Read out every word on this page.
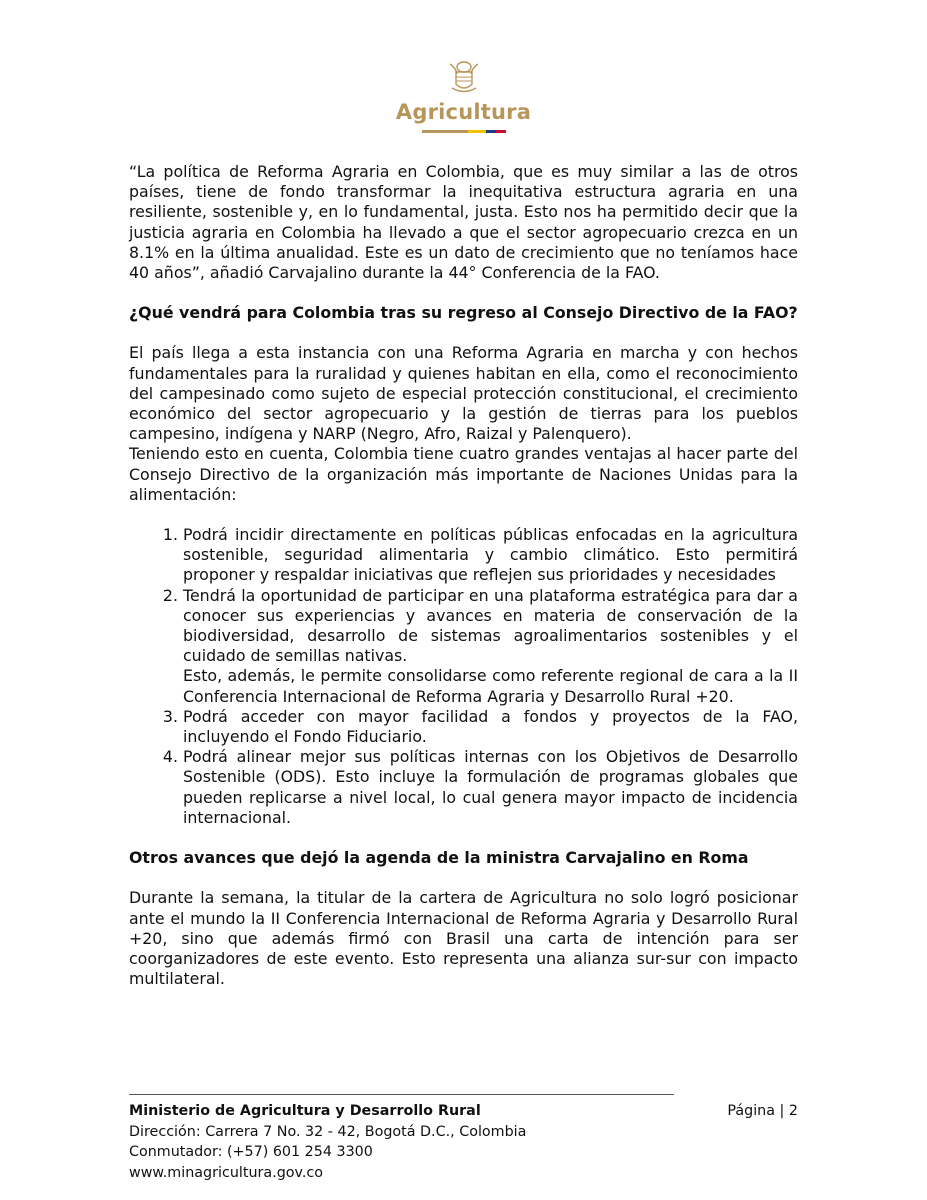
Agricultura

“La política de Reforma Agraria en Colombia, que es muy similar a las de otros países, tiene de fondo transformar la inequitativa estructura agraria en una resiliente, sostenible y, en lo fundamental, justa. Esto nos ha permitido decir que la justicia agraria en Colombia ha llevado a que el sector agropecuario crezca en un 8.1% en la última anualidad. Este es un dato de crecimiento que no teníamos hace 40 años”, añadió Carvajalino durante la 44° Conferencia de la FAO.

¿Qué vendrá para Colombia tras su regreso al Consejo Directivo de la FAO?

El país llega a esta instancia con una Reforma Agraria en marcha y con hechos fundamentales para la ruralidad y quienes habitan en ella, como el reconocimiento del campesinado como sujeto de especial protección constitucional, el crecimiento económico del sector agropecuario y la gestión de tierras para los pueblos campesino, indígena y NARP (Negro, Afro, Raizal y Palenquero).

Teniendo esto en cuenta, Colombia tiene cuatro grandes ventajas al hacer parte del Consejo Directivo de la organización más importante de Naciones Unidas para la alimentación:

1. Podrá incidir directamente en políticas públicas enfocadas en la agricultura sostenible, seguridad alimentaria y cambio climático. Esto permitirá proponer y respaldar iniciativas que reflejen sus prioridades y necesidades
2. Tendrá la oportunidad de participar en una plataforma estratégica para dar a conocer sus experiencias y avances en materia de conservación de la biodiversidad, desarrollo de sistemas agroalimentarios sostenibles y el cuidado de semillas nativas.
Esto, además, le permite consolidarse como referente regional de cara a la II Conferencia Internacional de Reforma Agraria y Desarrollo Rural +20.
3. Podrá acceder con mayor facilidad a fondos y proyectos de la FAO, incluyendo el Fondo Fiduciario.
4. Podrá alinear mejor sus políticas internas con los Objetivos de Desarrollo Sostenible (ODS). Esto incluye la formulación de programas globales que pueden replicarse a nivel local, lo cual genera mayor impacto de incidencia internacional.
Otros avances que dejó la agenda de la ministra Carvajalino en Roma

Durante la semana, la titular de la cartera de Agricultura no solo logró posicionar ante el mundo la II Conferencia Internacional de Reforma Agraria y Desarrollo Rural +20, sino que además firmó con Brasil una carta de intención para ser coorganizadores de este evento. Esto representa una alianza sur-sur con impacto multilateral.

Ministerio de Agricultura y Desarrollo Rural
Dirección: Carrera 7 No. 32 - 42, Bogotá D.C., Colombia
Conmutador: (+57) 601 254 3300
www.minagricultura.gov.co
Página | 2
